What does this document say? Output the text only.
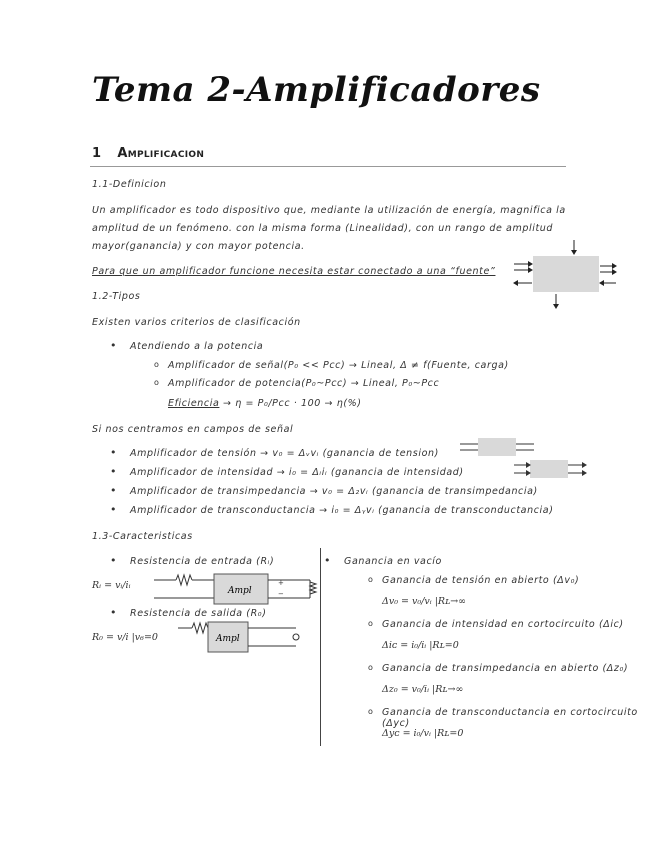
Tema 2-Amplificadores
1 Amplificacion
1.1-Definicion
Un amplificador es todo dispositivo que, mediante la utilización de energía, magnifica la
amplitud de un fenómeno. con la misma forma (Linealidad), con un rango de amplitud
mayor(ganancia) y con mayor potencia.
Para que un amplificador funcione necesita estar conectado a una “fuente”
1.2-Tipos
Existen varios criterios de clasificación
• Atendiendo a la potencia
o Amplificador de señal(P₀ << Pᴄᴄ) → Lineal, Δ ≠ f(Fuente, carga)
o Amplificador de potencia(P₀~Pᴄᴄ) → Lineal, P₀~Pᴄᴄ
Eficiencia → η = P₀/Pᴄᴄ · 100 → η(%)
Si nos centramos en campos de señal
• Amplificador de tensión → v₀ = Δᵥvᵢ (ganancia de tension)
• Amplificador de intensidad → i₀ = Δᵢiᵢ (ganancia de intensidad)
• Amplificador de transimpedancia → v₀ = Δ₂vᵢ (ganancia de transimpedancia)
• Amplificador de transconductancia → i₀ = Δᵧvᵢ (ganancia de transconductancia)
1.3-Caracteristicas
• Resistencia de entrada (Rᵢ)
Rᵢ = vᵢ/iᵢ	Ampl
+
−
• Resistencia de salida (R₀)
R₀ = v/i |v₆=0	Ampl
• Ganancia en vacío
o Ganancia de tensión en abierto (Δv₀)
Δv₀ = v₀/vᵢ |Rʟ→∞
o Ganancia de intensidad en cortocircuito (Δiᴄ)
Δiᴄ = i₀/iᵢ |Rʟ=0
o Ganancia de transimpedancia en abierto (Δz₀)
Δz₀ = v₀/iᵢ |Rʟ→∞
o Ganancia de transconductancia en cortocircuito (Δyᴄ)
Δyᴄ = i₀/vᵢ |Rʟ=0
